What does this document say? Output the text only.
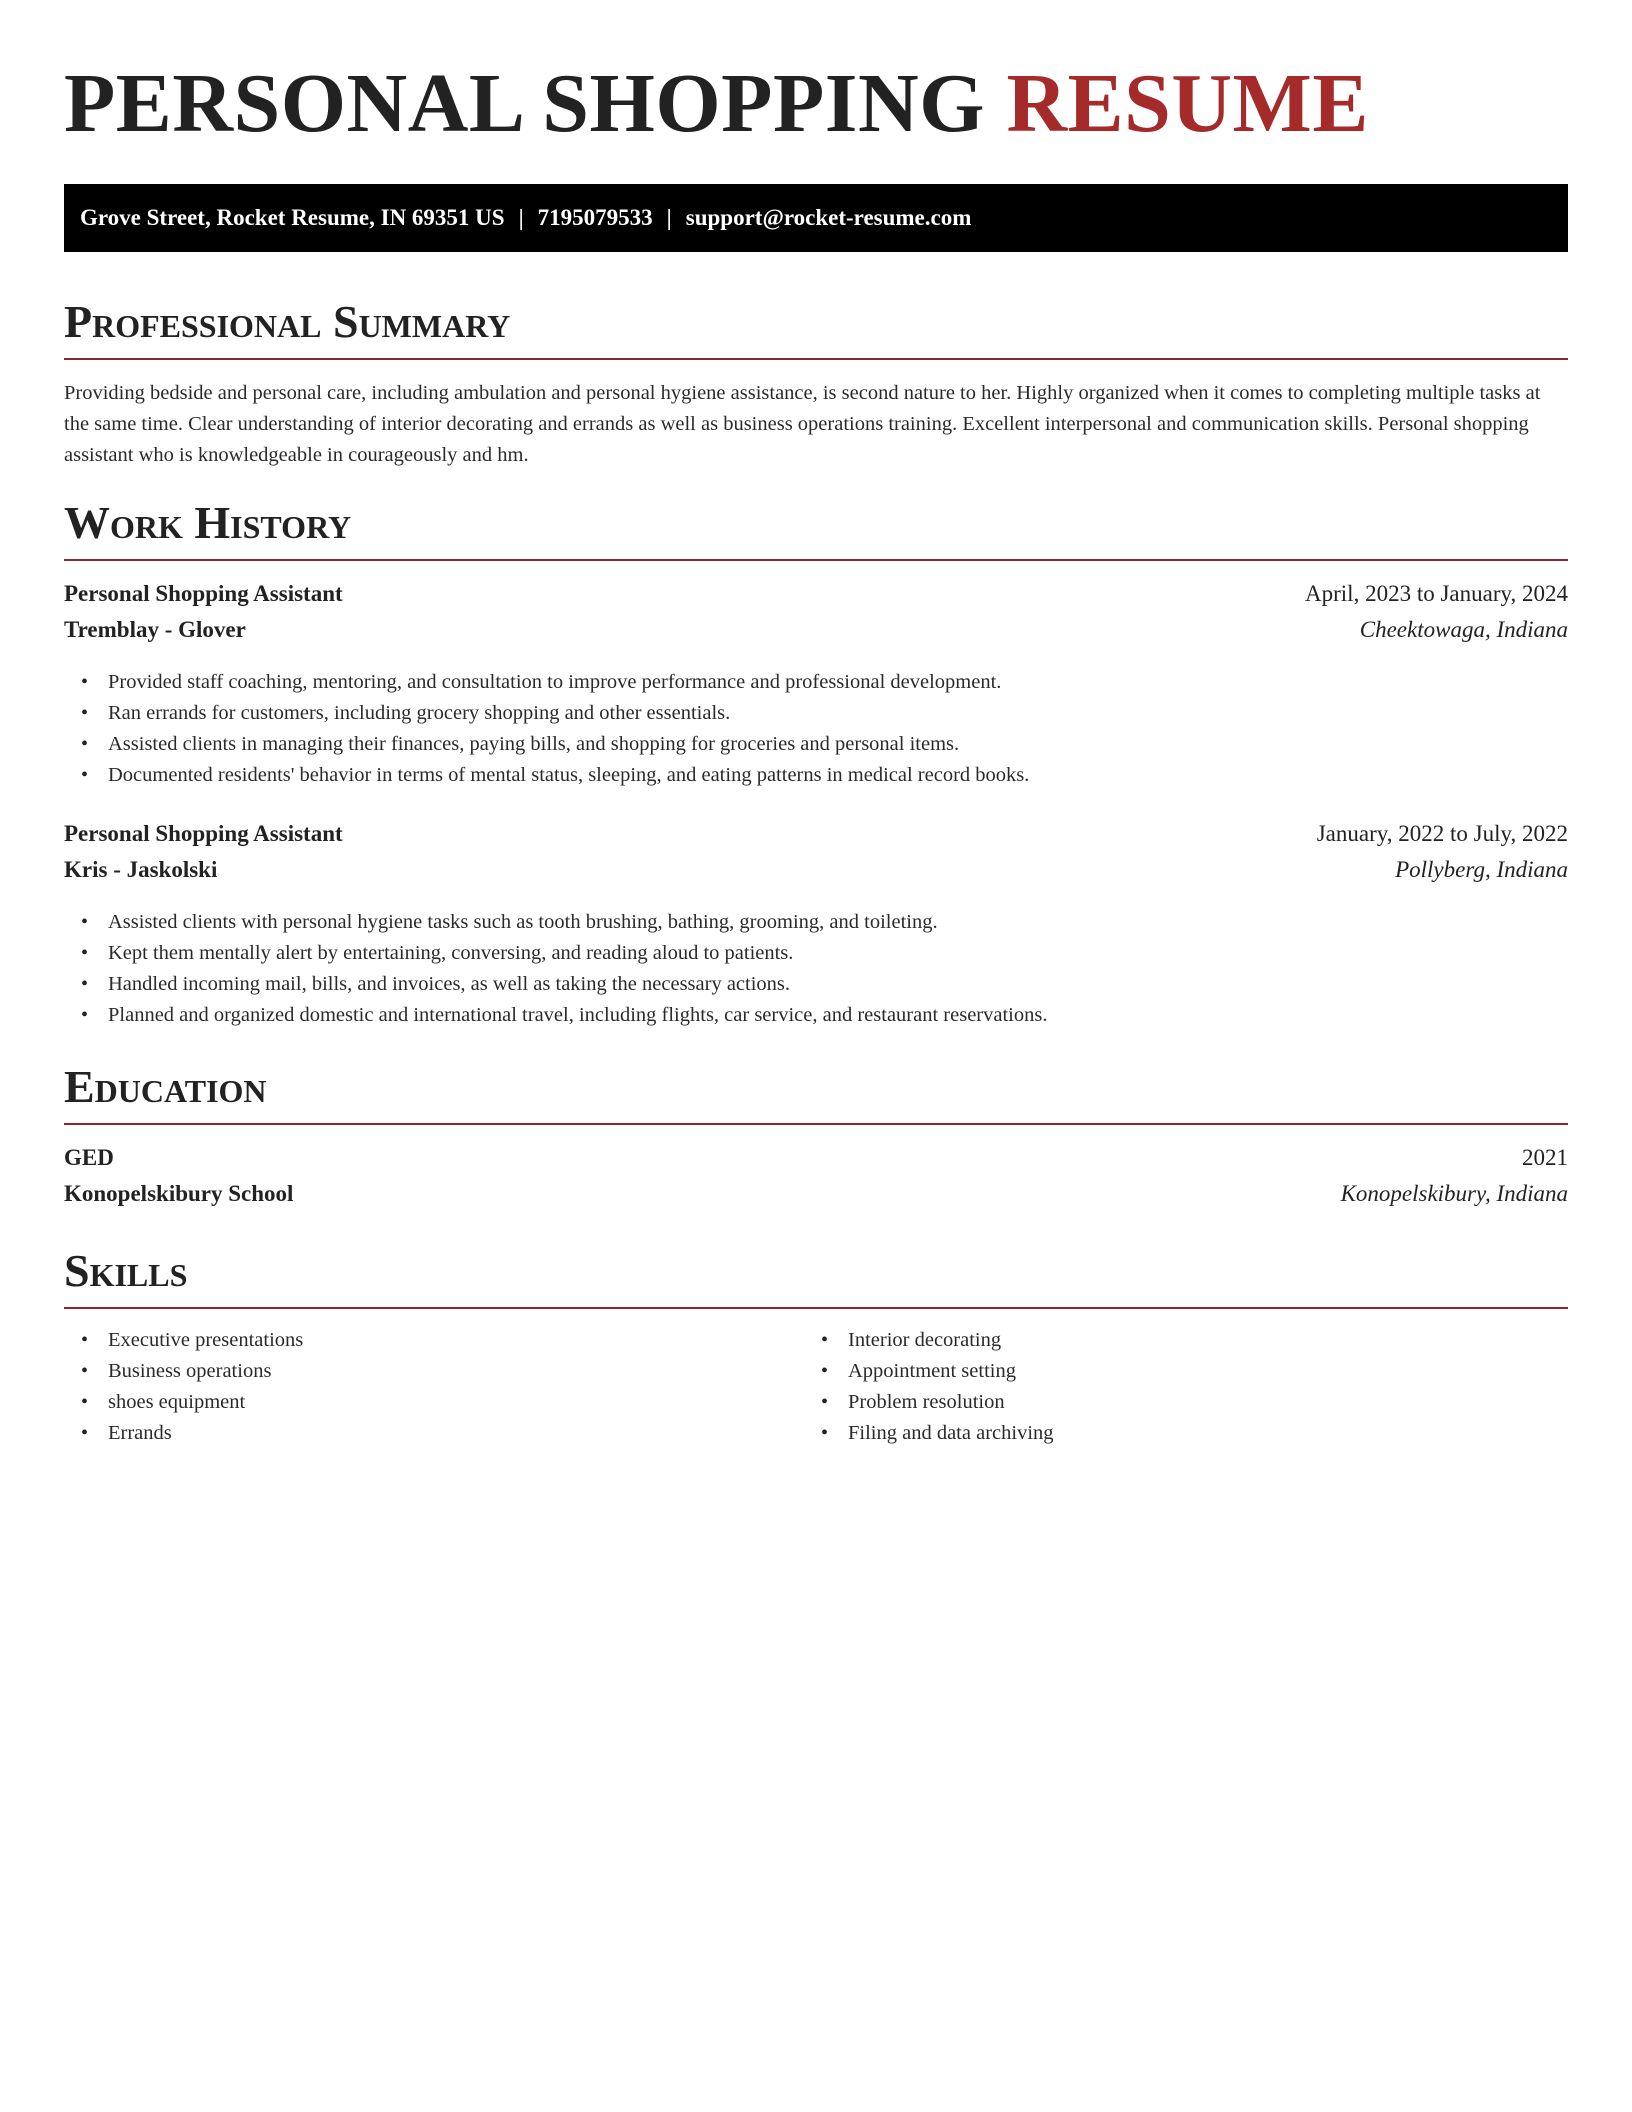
PERSONAL SHOPPING RESUME
Grove Street, Rocket Resume, IN 69351 US | 7195079533 | support@rocket-resume.com
Professional Summary

Providing bedside and personal care, including ambulation and personal hygiene assistance, is second nature to her. Highly organized when it comes to completing multiple tasks at the same time. Clear understanding of interior decorating and errands as well as business operations training. Excellent interpersonal and communication skills. Personal shopping assistant who is knowledgeable in courageously and hm.

Work History
Personal Shopping Assistant	April, 2023 to January, 2024
Tremblay - Glover	Cheektowaga, Indiana
• Provided staff coaching, mentoring, and consultation to improve performance and professional development.
• Ran errands for customers, including grocery shopping and other essentials.
• Assisted clients in managing their finances, paying bills, and shopping for groceries and personal items.
• Documented residents' behavior in terms of mental status, sleeping, and eating patterns in medical record books.
Personal Shopping Assistant	January, 2022 to July, 2022
Kris - Jaskolski	Pollyberg, Indiana
• Assisted clients with personal hygiene tasks such as tooth brushing, bathing, grooming, and toileting.
• Kept them mentally alert by entertaining, conversing, and reading aloud to patients.
• Handled incoming mail, bills, and invoices, as well as taking the necessary actions.
• Planned and organized domestic and international travel, including flights, car service, and restaurant reservations.
Education
GED	2021
Konopelskibury School	Konopelskibury, Indiana
Skills
• Executive presentations
• Business operations
• shoes equipment
• Errands
• Interior decorating
• Appointment setting
• Problem resolution
• Filing and data archiving
